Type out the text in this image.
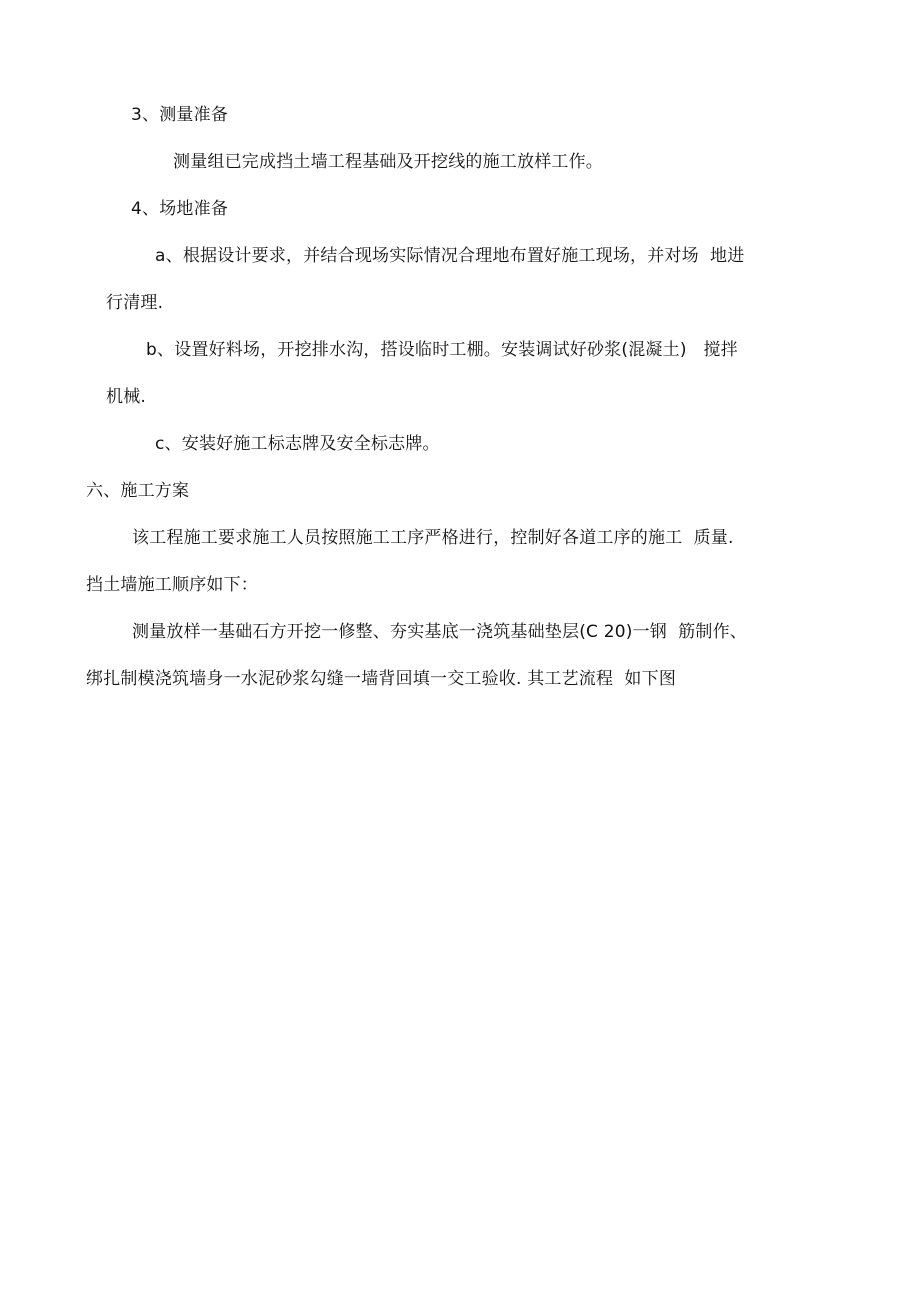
3、测量准备
测量组已完成挡土墙工程基础及开挖线的施工放样工作。
4、场地准备
a、根据设计要求，并结合现场实际情况合理地布置好施工现场，并对场  地进
行清理.
b、设置好料场，开挖排水沟，搭设临时工棚。安装调试好砂浆(混凝土)   搅拌
机械.
c、安装好施工标志牌及安全标志牌。
六、施工方案
该工程施工要求施工人员按照施工工序严格进行，控制好各道工序的施工  质量.
挡土墙施工顺序如下：
测量放样一基础石方开挖一修整、夯实基底一浇筑基础垫层(C 20)一钢  筋制作、
绑扎制模浇筑墙身一水泥砂浆勾缝一墙背回填一交工验收. 其工艺流程  如下图
